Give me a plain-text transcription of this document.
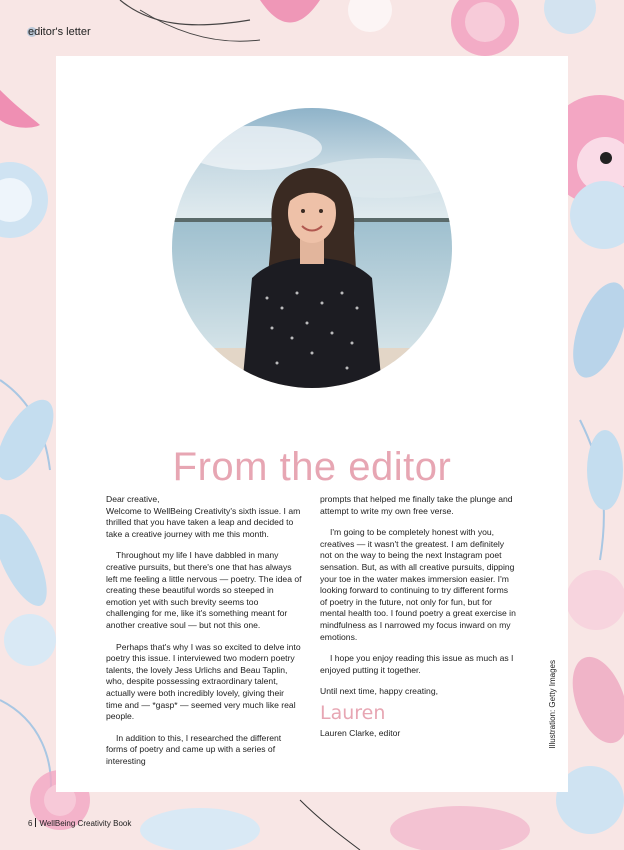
editor's letter
From the editor

Dear creative,

Welcome to WellBeing Creativity's sixth issue. I am thrilled that you have taken a leap and decided to take a creative journey with me this month.

Throughout my life I have dabbled in many creative pursuits, but there's one that has always left me feeling a little nervous — poetry. The idea of creating these beautiful words so steeped in emotion yet with such brevity seems too challenging for me, like it's something meant for another creative soul — but not this one.

Perhaps that's why I was so excited to delve into poetry this issue. I interviewed two modern poetry talents, the lovely Jess Urlichs and Beau Taplin, who, despite possessing extraordinary talent, actually were both incredibly lovely, giving their time and — *gasp* — seemed very much like real people.

In addition to this, I researched the different forms of poetry and came up with a series of interesting

prompts that helped me finally take the plunge and attempt to write my own free verse.

I'm going to be completely honest with you, creatives — it wasn't the greatest. I am definitely not on the way to being the next Instagram poet sensation. But, as with all creative pursuits, dipping your toe in the water makes immersion easier. I'm looking forward to continuing to try different forms of poetry in the future, not only for fun, but for mental health too. I found poetry a great exercise in mindfulness as I narrowed my focus inward on my emotions.

I hope you enjoy reading this issue as much as I enjoyed putting it together.

Until next time, happy creating,

Lauren

Lauren Clarke, editor	Illustration: Getty Images
6 WellBeing Creativity Book
